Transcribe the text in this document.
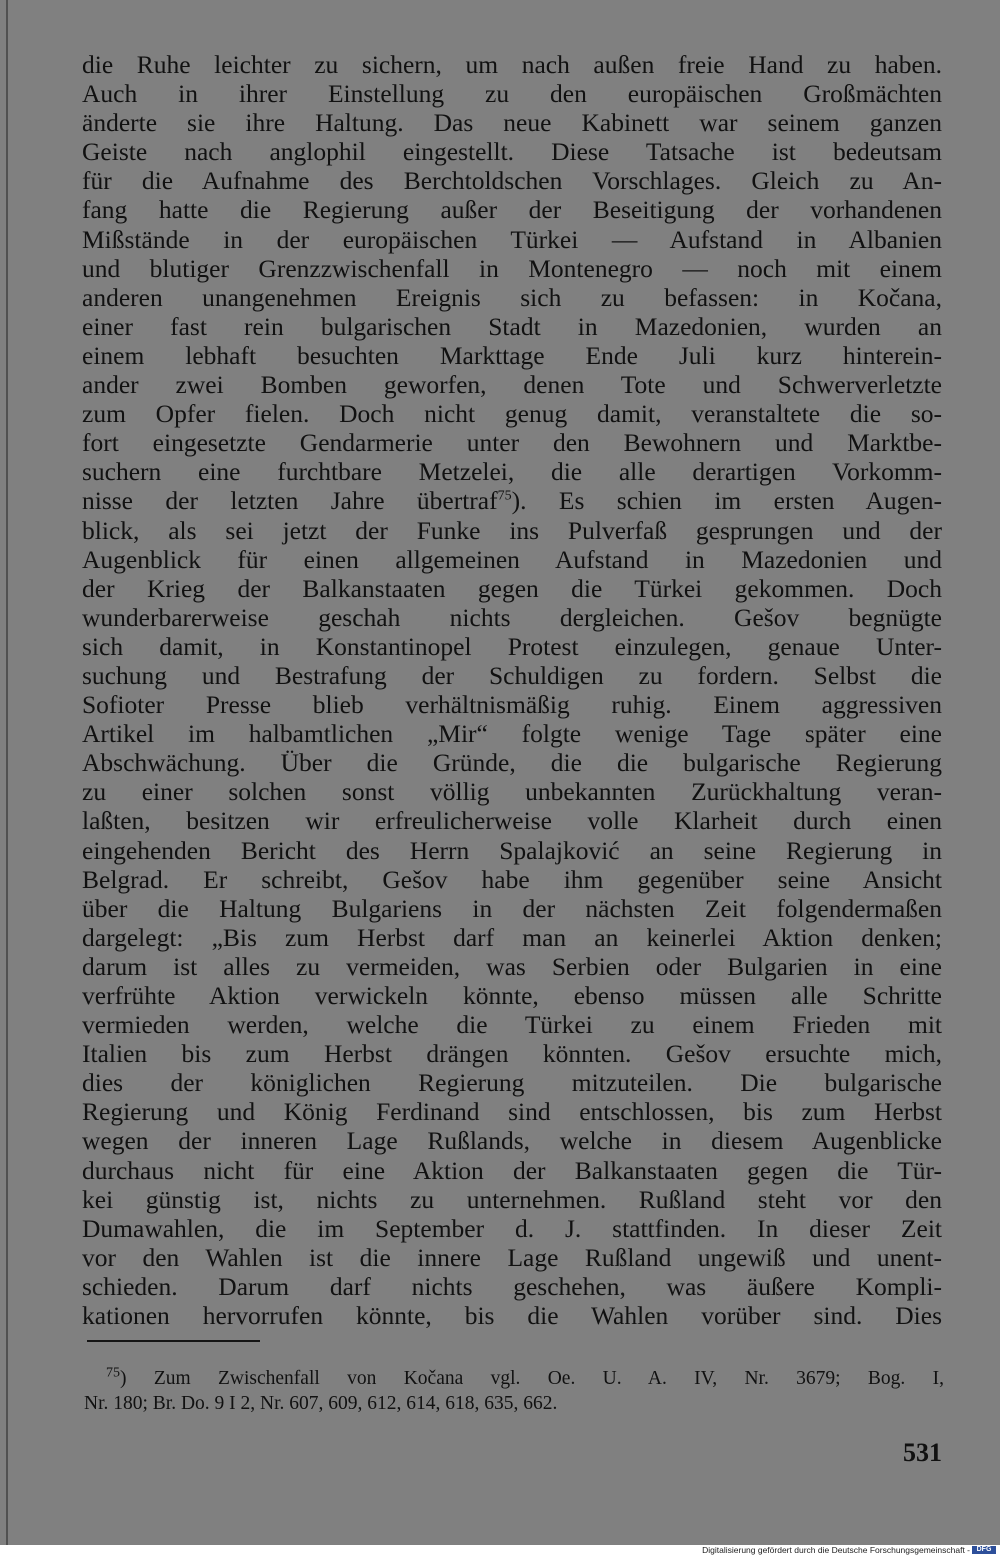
die Ruhe leichter zu sichern, um nach außen freie Hand zu haben.
Auch in ihrer Einstellung zu den europäischen Großmächten
änderte sie ihre Haltung. Das neue Kabinett war seinem ganzen
Geiste nach anglophil eingestellt. Diese Tatsache ist bedeutsam
für die Aufnahme des Berchtoldschen Vorschlages. Gleich zu An-
fang hatte die Regierung außer der Beseitigung der vorhandenen
Mißstände in der europäischen Türkei — Aufstand in Albanien
und blutiger Grenzzwischenfall in Montenegro — noch mit einem
anderen unangenehmen Ereignis sich zu befassen: in Kočana,
einer fast rein bulgarischen Stadt in Mazedonien, wurden an
einem lebhaft besuchten Markttage Ende Juli kurz hinterein-
ander zwei Bomben geworfen, denen Tote und Schwerverletzte
zum Opfer fielen. Doch nicht genug damit, veranstaltete die so-
fort eingesetzte Gendarmerie unter den Bewohnern und Marktbe-
suchern eine furchtbare Metzelei, die alle derartigen Vorkomm-
nisse der letzten Jahre übertraf$^{75}$). Es schien im ersten Augen-
blick, als sei jetzt der Funke ins Pulverfaß gesprungen und der
Augenblick für einen allgemeinen Aufstand in Mazedonien und
der Krieg der Balkanstaaten gegen die Türkei gekommen. Doch
wunderbarerweise geschah nichts dergleichen. Gešov begnügte
sich damit, in Konstantinopel Protest einzulegen, genaue Unter-
suchung und Bestrafung der Schuldigen zu fordern. Selbst die
Sofioter Presse blieb verhältnismäßig ruhig. Einem aggressiven
Artikel im halbamtlichen „Mir“ folgte wenige Tage später eine
Abschwächung. Über die Gründe, die die bulgarische Regierung
zu einer solchen sonst völlig unbekannten Zurückhaltung veran-
laßten, besitzen wir erfreulicherweise volle Klarheit durch einen
eingehenden Bericht des Herrn Spalajković an seine Regierung in
Belgrad. Er schreibt, Gešov habe ihm gegenüber seine Ansicht
über die Haltung Bulgariens in der nächsten Zeit folgendermaßen
dargelegt: „Bis zum Herbst darf man an keinerlei Aktion denken;
darum ist alles zu vermeiden, was Serbien oder Bulgarien in eine
verfrühte Aktion verwickeln könnte, ebenso müssen alle Schritte
vermieden werden, welche die Türkei zu einem Frieden mit
Italien bis zum Herbst drängen könnten. Gešov ersuchte mich,
dies der königlichen Regierung mitzuteilen. Die bulgarische
Regierung und König Ferdinand sind entschlossen, bis zum Herbst
wegen der inneren Lage Rußlands, welche in diesem Augenblicke
durchaus nicht für eine Aktion der Balkanstaaten gegen die Tür-
kei günstig ist, nichts zu unternehmen. Rußland steht vor den
Dumawahlen, die im September d. J. stattfinden. In dieser Zeit
vor den Wahlen ist die innere Lage Rußland ungewiß und unent-
schieden. Darum darf nichts geschehen, was äußere Kompli-
kationen hervorrufen könnte, bis die Wahlen vorüber sind. Dies
$^{75}$) Zum Zwischenfall von Kočana vgl. Oe. U. A. IV, Nr. 3679; Bog. I,
Nr. 180; Br. Do. 9 I 2, Nr. 607, 609, 612, 614, 618, 635, 662.
531
Digitalisierung gefördert durch die Deutsche Forschungsgemeinschaft - DFG
